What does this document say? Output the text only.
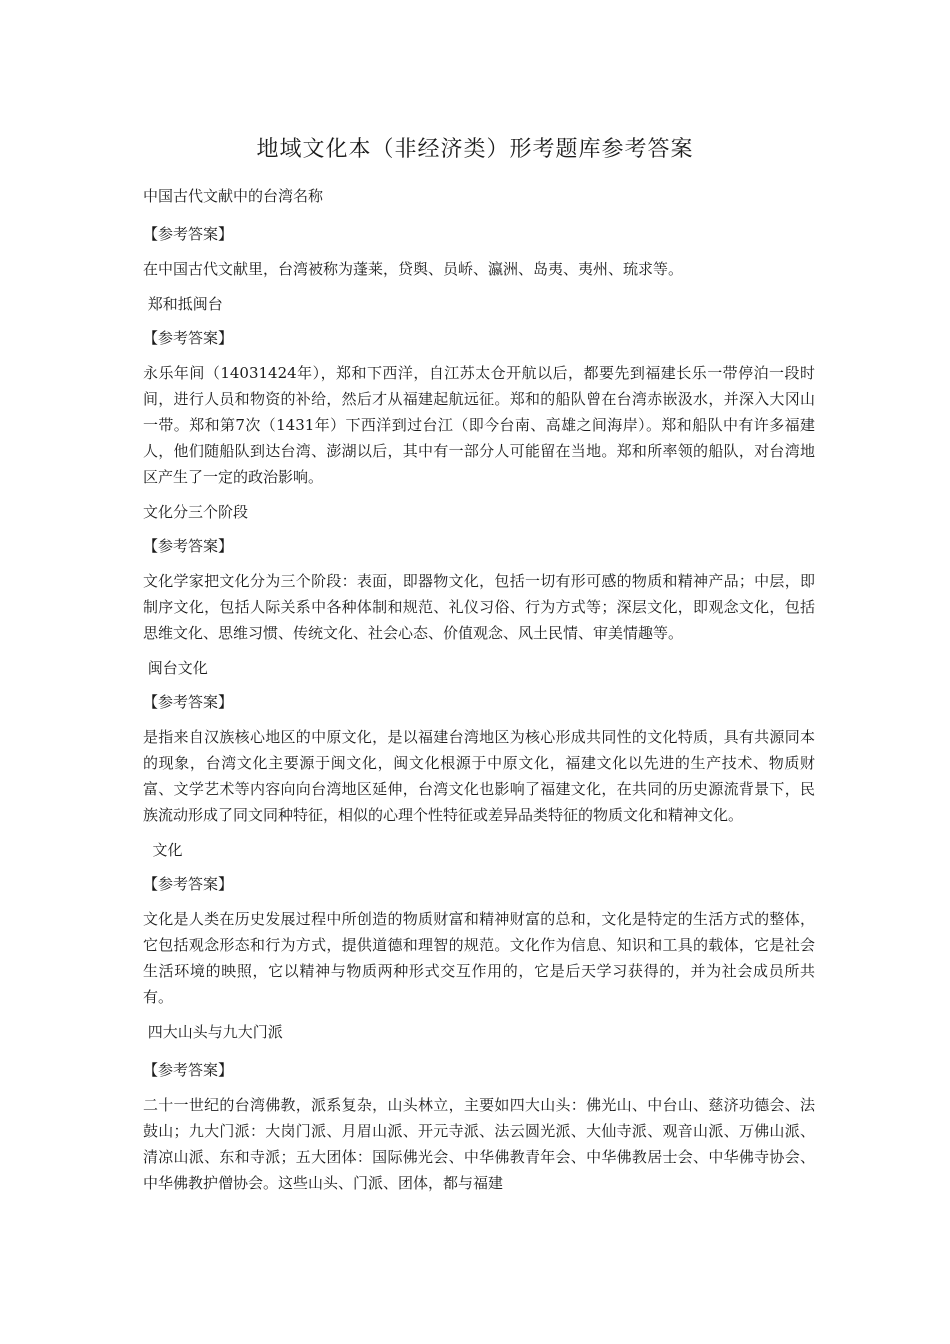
地域文化本（非经济类）形考题库参考答案

中国古代文献中的台湾名称

【参考答案】

在中国古代文献里，台湾被称为蓬莱，贷舆、员峤、瀛洲、岛夷、夷州、琉求等。

郑和抵闽台

【参考答案】

永乐年间（14031424年），郑和下西洋，自江苏太仓开航以后，都要先到福建长乐一带停泊一段时间，进行人员和物资的补给，然后才从福建起航远征。郑和的船队曾在台湾赤嵌汲水，并深入大冈山一带。郑和第7次（1431年）下西洋到过台江（即今台南、高雄之间海岸）。郑和船队中有许多福建人，他们随船队到达台湾、澎湖以后，其中有一部分人可能留在当地。郑和所率领的船队，对台湾地区产生了一定的政治影响。

文化分三个阶段

【参考答案】

文化学家把文化分为三个阶段：表面，即器物文化，包括一切有形可感的物质和精神产品；中层，即制序文化，包括人际关系中各种体制和规范、礼仪习俗、行为方式等；深层文化，即观念文化，包括思维文化、思维习惯、传统文化、社会心态、价值观念、风土民情、审美情趣等。

闽台文化

【参考答案】

是指来自汉族核心地区的中原文化，是以福建台湾地区为核心形成共同性的文化特质，具有共源同本的现象，台湾文化主要源于闽文化，闽文化根源于中原文化，福建文化以先进的生产技术、物质财富、文学艺术等内容向向台湾地区延伸，台湾文化也影响了福建文化，在共同的历史源流背景下，民族流动形成了同文同种特征，相似的心理个性特征或差异品类特征的物质文化和精神文化。

文化

【参考答案】

文化是人类在历史发展过程中所创造的物质财富和精神财富的总和，文化是特定的生活方式的整体，它包括观念形态和行为方式，提供道德和理智的规范。文化作为信息、知识和工具的载体，它是社会生活环境的映照，它以精神与物质两种形式交互作用的，它是后天学习获得的，并为社会成员所共有。

四大山头与九大门派

【参考答案】

二十一世纪的台湾佛教，派系复杂，山头林立，主要如四大山头：佛光山、中台山、慈济功德会、法鼓山；九大门派：大岗门派、月眉山派、开元寺派、法云圆光派、大仙寺派、观音山派、万佛山派、清凉山派、东和寺派；五大团体：国际佛光会、中华佛教青年会、中华佛教居士会、中华佛寺协会、中华佛教护僧协会。这些山头、门派、团体，都与福建
